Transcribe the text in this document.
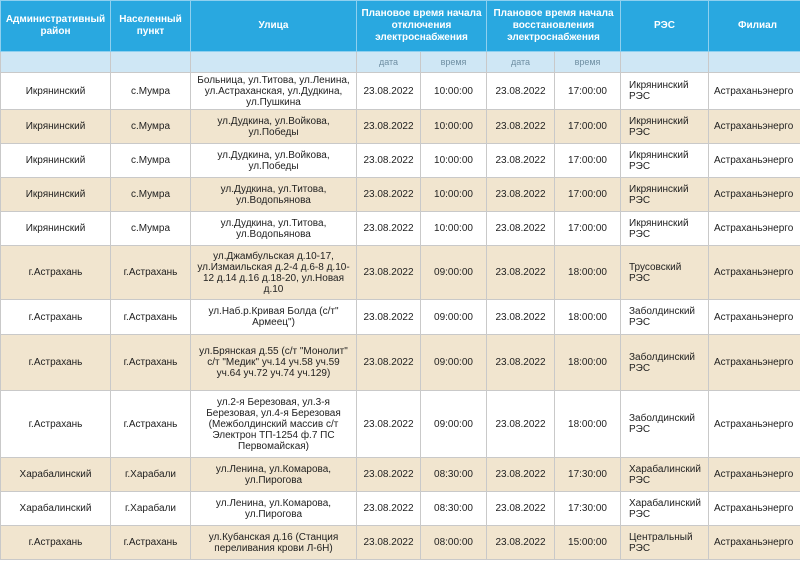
Административный район	Населенный пункт	Улица	Плановое время начала отключения электроснабжения		Плановое время начала восстановления электроснабжения		РЭС	Филиал
			дата	время	дата	время		
Икрянинский	с.Мумра	Больница, ул.Титова, ул.Ленина, ул.Астраханская, ул.Дудкина, ул.Пушкина	23.08.2022	10:00:00	23.08.2022	17:00:00	Икрянинский РЭС	Астраханьэнерго
Икрянинский	с.Мумра	ул.Дудкина, ул.Войкова, ул.Победы	23.08.2022	10:00:00	23.08.2022	17:00:00	Икрянинский РЭС	Астраханьэнерго
Икрянинский	с.Мумра	ул.Дудкина, ул.Войкова, ул.Победы	23.08.2022	10:00:00	23.08.2022	17:00:00	Икрянинский РЭС	Астраханьэнерго
Икрянинский	с.Мумра	ул.Дудкина, ул.Титова, ул.Водопьянова	23.08.2022	10:00:00	23.08.2022	17:00:00	Икрянинский РЭС	Астраханьэнерго
Икрянинский	с.Мумра	ул.Дудкина, ул.Титова, ул.Водопьянова	23.08.2022	10:00:00	23.08.2022	17:00:00	Икрянинский РЭС	Астраханьэнерго
г.Астрахань	г.Астрахань	ул.Джамбульская д.10-17, ул.Измаильская д.2-4 д.6-8 д.10-12 д.14 д.16 д.18-20, ул.Новая д.10	23.08.2022	09:00:00	23.08.2022	18:00:00	Трусовский РЭС	Астраханьэнерго
г.Астрахань	г.Астрахань	ул.Наб.р.Кривая Болда (с/т" Армеец")	23.08.2022	09:00:00	23.08.2022	18:00:00	Заболдинский РЭС	Астраханьэнерго
г.Астрахань	г.Астрахань	ул.Брянская д.55 (с/т "Монолит" с/т "Медик" уч.14 уч.58 уч.59 уч.64 уч.72 уч.74 уч.129)	23.08.2022	09:00:00	23.08.2022	18:00:00	Заболдинский РЭС	Астраханьэнерго
г.Астрахань	г.Астрахань	ул.2-я Березовая, ул.3-я Березовая, ул.4-я Березовая (Межболдинский массив с/т Электрон ТП-1254 ф.7 ПС Первомайская)	23.08.2022	09:00:00	23.08.2022	18:00:00	Заболдинский РЭС	Астраханьэнерго
Харабалинский	г.Харабали	ул.Ленина, ул.Комарова, ул.Пирогова	23.08.2022	08:30:00	23.08.2022	17:30:00	Харабалинский РЭС	Астраханьэнерго
Харабалинский	г.Харабали	ул.Ленина, ул.Комарова, ул.Пирогова	23.08.2022	08:30:00	23.08.2022	17:30:00	Харабалинский РЭС	Астраханьэнерго
г.Астрахань	г.Астрахань	ул.Кубанская д.16 (Станция переливания крови Л-6Н)	23.08.2022	08:00:00	23.08.2022	15:00:00	Центральный РЭС	Астраханьэнерго
